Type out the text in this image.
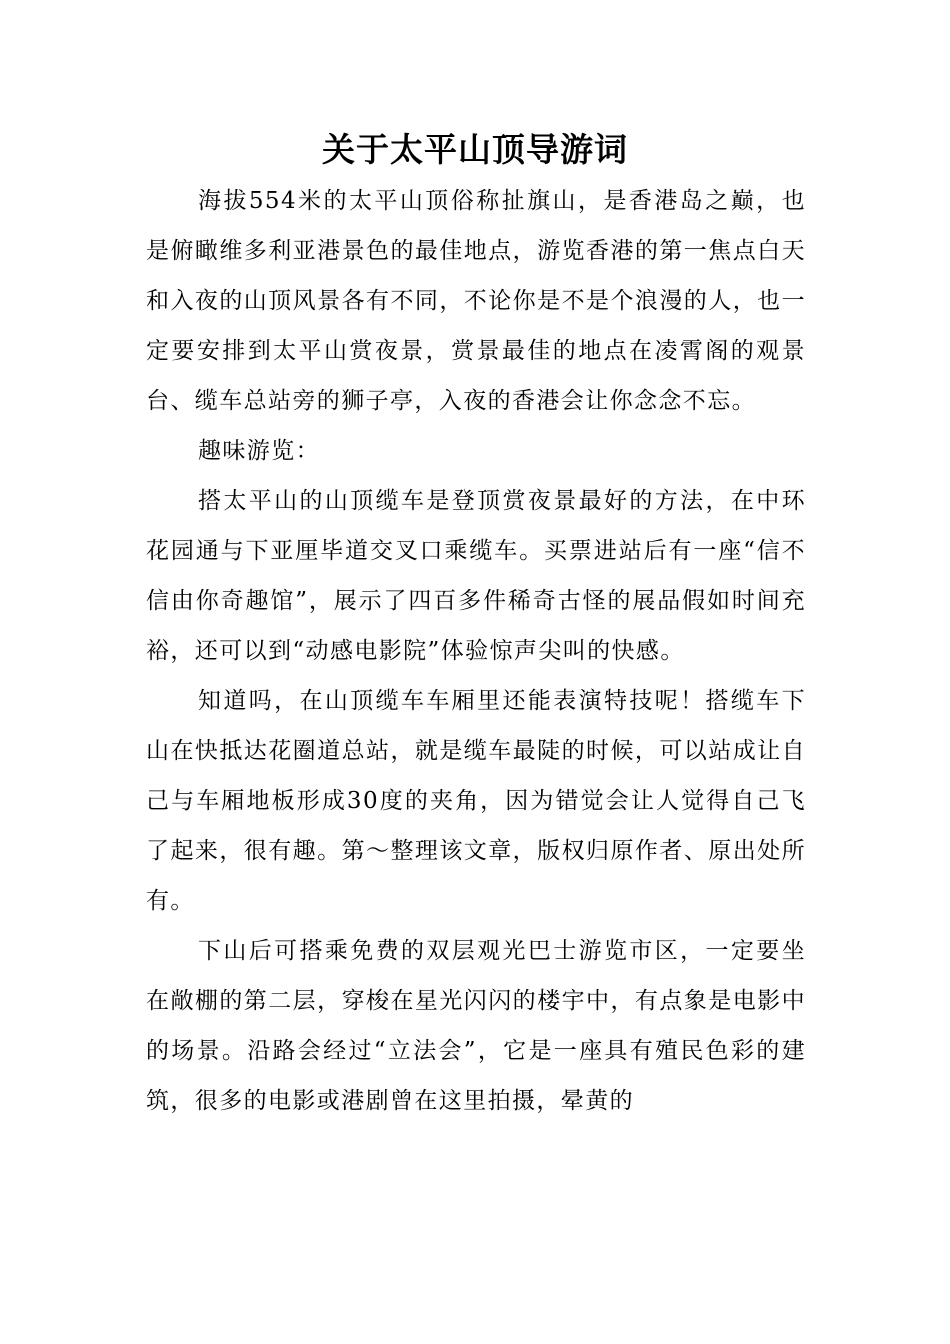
关于太平山顶导游词

海拔554米的太平山顶俗称扯旗山，是香港岛之巅，也是俯瞰维多利亚港景色的最佳地点，游览香港的第一焦点白天和入夜的山顶风景各有不同，不论你是不是个浪漫的人，也一定要安排到太平山赏夜景，赏景最佳的地点在凌霄阁的观景台、缆车总站旁的狮子亭，入夜的香港会让你念念不忘。

趣味游览：

搭太平山的山顶缆车是登顶赏夜景最好的方法，在中环花园通与下亚厘毕道交叉口乘缆车。买票进站后有一座“信不信由你奇趣馆”，展示了四百多件稀奇古怪的展品假如时间充裕，还可以到“动感电影院”体验惊声尖叫的快感。

知道吗，在山顶缆车车厢里还能表演特技呢！搭缆车下山在快抵达花圈道总站，就是缆车最陡的时候，可以站成让自己与车厢地板形成30度的夹角，因为错觉会让人觉得自己飞了起来，很有趣。第～整理该文章，版权归原作者、原出处所有。

下山后可搭乘免费的双层观光巴士游览市区，一定要坐在敞棚的第二层，穿梭在星光闪闪的楼宇中，有点象是电影中的场景。沿路会经过“立法会”，它是一座具有殖民色彩的建筑，很多的电影或港剧曾在这里拍摄，晕黄的
